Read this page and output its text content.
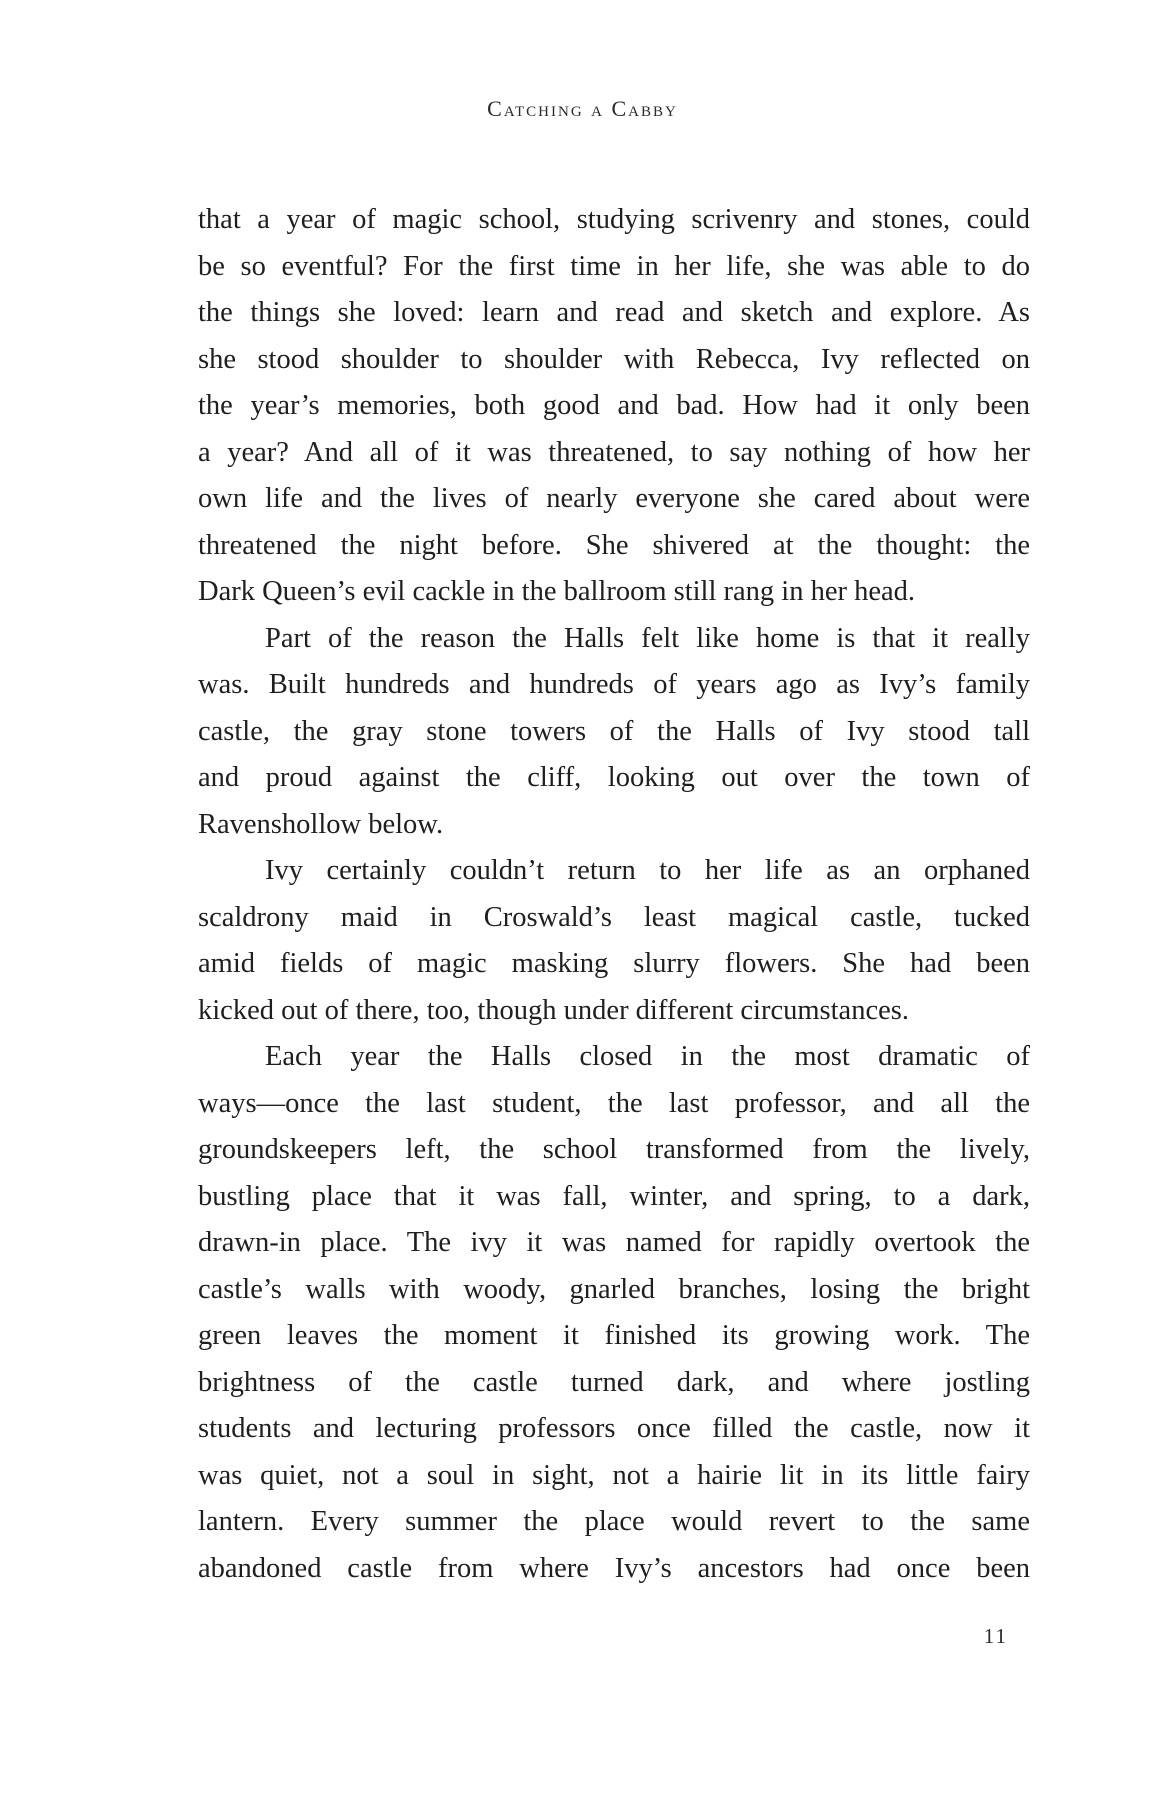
Catching a Cabby
that a year of magic school, studying scrivenry and stones, could
be so eventful? For the first time in her life, she was able to do
the things she loved: learn and read and sketch and explore. As
she stood shoulder to shoulder with Rebecca, Ivy reflected on
the year’s memories, both good and bad. How had it only been
a year? And all of it was threatened, to say nothing of how her
own life and the lives of nearly everyone she cared about were
threatened the night before. She shivered at the thought: the
Dark Queen’s evil cackle in the ballroom still rang in her head.
Part of the reason the Halls felt like home is that it really
was. Built hundreds and hundreds of years ago as Ivy’s family
castle, the gray stone towers of the Halls of Ivy stood tall
and proud against the cliff, looking out over the town of
Ravenshollow below.
Ivy certainly couldn’t return to her life as an orphaned
scaldrony maid in Croswald’s least magical castle, tucked
amid fields of magic masking slurry flowers. She had been
kicked out of there, too, though under different circumstances.
Each year the Halls closed in the most dramatic of
ways—once the last student, the last professor, and all the
groundskeepers left, the school transformed from the lively,
bustling place that it was fall, winter, and spring, to a dark,
drawn-in place. The ivy it was named for rapidly overtook the
castle’s walls with woody, gnarled branches, losing the bright
green leaves the moment it finished its growing work. The
brightness of the castle turned dark, and where jostling
students and lecturing professors once filled the castle, now it
was quiet, not a soul in sight, not a hairie lit in its little fairy
lantern. Every summer the place would revert to the same
abandoned castle from where Ivy’s ancestors had once been
11
